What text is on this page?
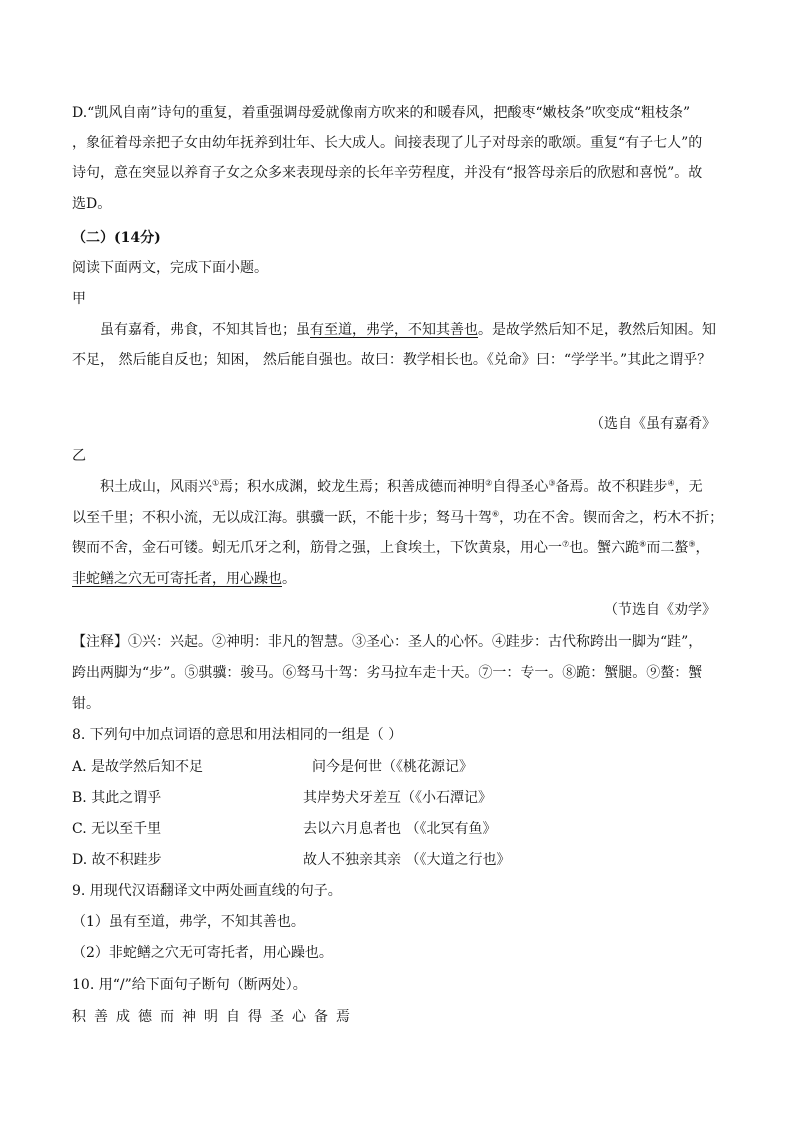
D.“凯风自南”诗句的重复，着重强调母爱就像南方吹来的和暖春风，把酸枣“嫩枝条”吹变成“粗枝条”
，象征着母亲把子女由幼年抚养到壮年、长大成人。间接表现了儿子对母亲的歌颂。重复“有子七人”的
诗句，意在突显以养育子女之众多来表现母亲的长年辛劳程度，并没有“报答母亲后的欣慰和喜悦”。故
选D。
（二）(14分)
阅读下面两文，完成下面小题。
甲
虽有嘉肴，弗食，不知其旨也；虽有至道，弗学，不知其善也。是故学然后知不足，教然后知困。知
不足， 然后能自反也；知困， 然后能自强也。故曰：教学相长也。《兑命》曰：“学学半。”其此之谓乎？
（选自《虽有嘉肴》
乙
积土成山，风雨兴①焉；积水成渊，蛟龙生焉；积善成德而神明②自得圣心③备焉。故不积跬步④，无
以至千里；不积小流，无以成江海。骐骥一跃，不能十步；驽马十驾⑥，功在不舍。锲而舍之，朽木不折；
锲而不舍，金石可镂。蚓无爪牙之利，筋骨之强，上食埃土，下饮黄泉，用心一⑦也。蟹六跪⑧而二螯⑨，
非蛇鳝之穴无可寄托者，用心躁也。
（节选自《劝学》
【注释】①兴：兴起。②神明：非凡的智慧。③圣心：圣人的心怀。④跬步：古代称跨出一脚为“跬”，
跨出两脚为“步”。⑤骐骥：骏马。⑥驽马十驾：劣马拉车走十天。⑦一：专一。⑧跪：蟹腿。⑨螯：蟹
钳。
8. 下列句中加点词语的意思和用法相同的一组是（ ）
A. 是故学然后知不足	问今是何世（《桃花源记》
B. 其此之谓乎	其岸势犬牙差互（《小石潭记》
C. 无以至千里	去以六月息者也 （《北冥有鱼》
D. 故不积跬步	故人不独亲其亲 （《大道之行也》
9. 用现代汉语翻译文中两处画直线的句子。
（1）虽有至道，弗学，不知其善也。
（2）非蛇鳝之穴无可寄托者，用心躁也。
10. 用“/”给下面句子断句（断两处）。
积善成德而神明自得圣心备焉
